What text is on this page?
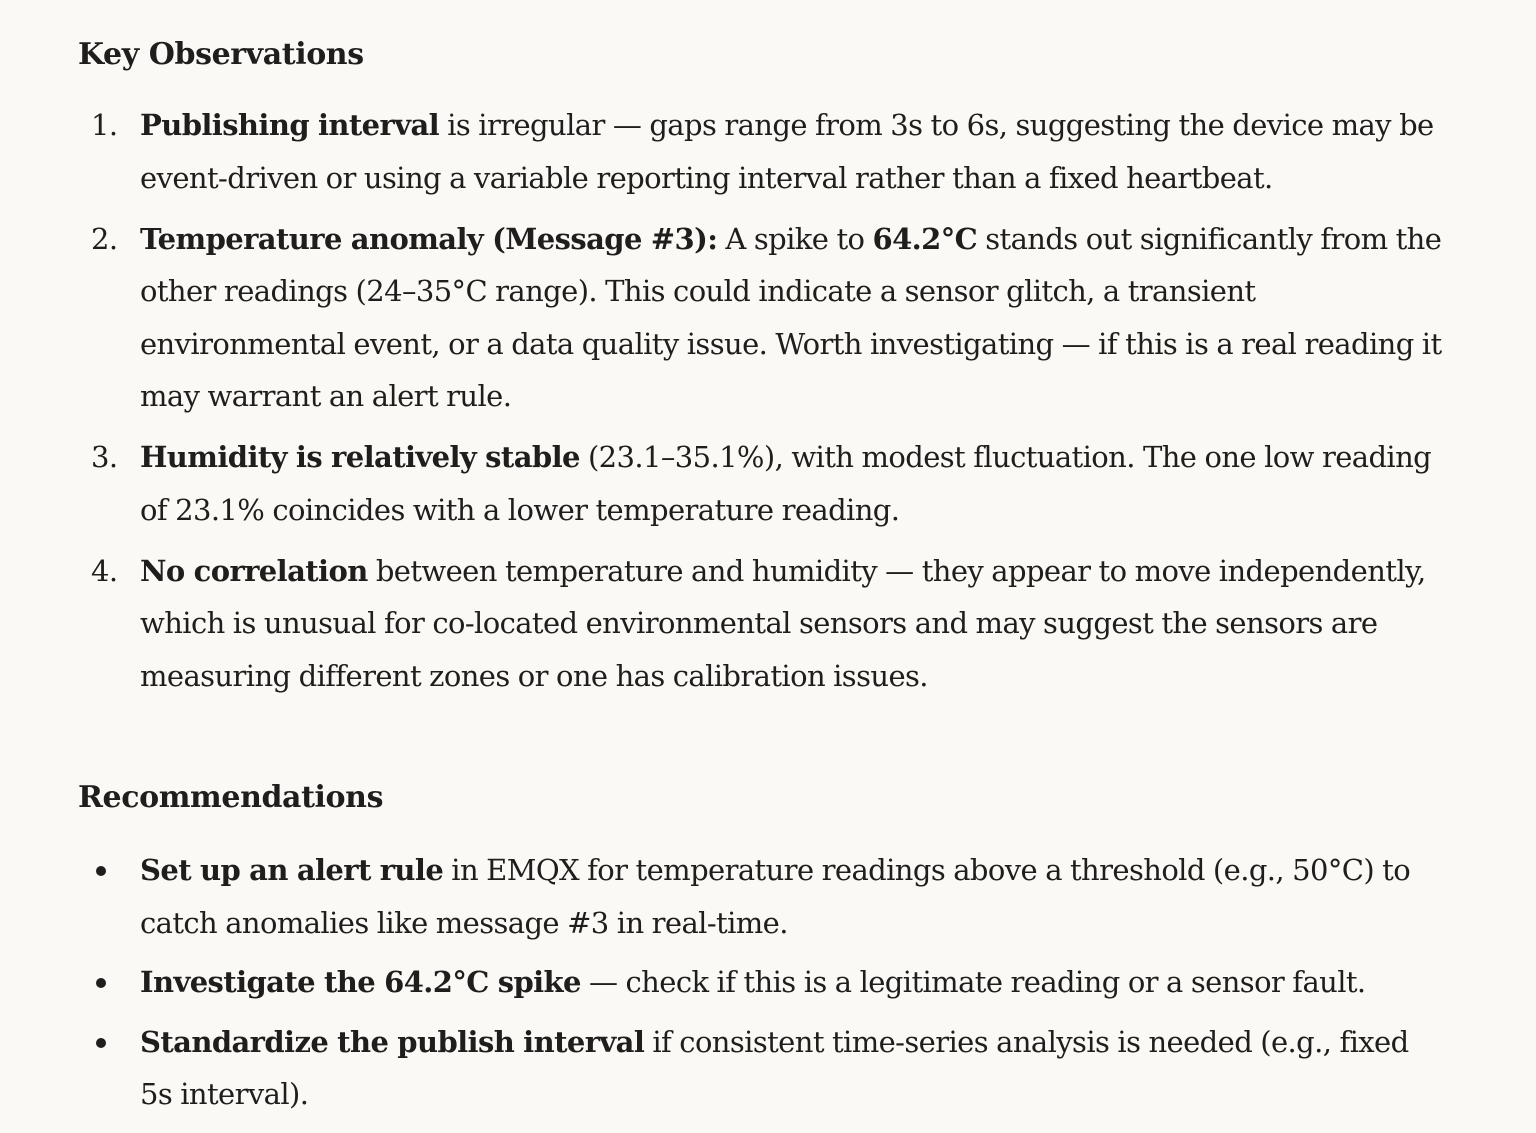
Key Observations
1. Publishing interval is irregular — gaps range from 3s to 6s, suggesting the device may be event-driven or using a variable reporting interval rather than a fixed heartbeat.
2. Temperature anomaly (Message #3): A spike to 64.2°C stands out significantly from the other readings (24–35°C range). This could indicate a sensor glitch, a transient environmental event, or a data quality issue. Worth investigating — if this is a real reading it may warrant an alert rule.
3. Humidity is relatively stable (23.1–35.1%), with modest fluctuation. The one low reading of 23.1% coincides with a lower temperature reading.
4. No correlation between temperature and humidity — they appear to move independently, which is unusual for co-located environmental sensors and may suggest the sensors are measuring different zones or one has calibration issues.
Recommendations
Set up an alert rule in EMQX for temperature readings above a threshold (e.g., 50°C) to catch anomalies like message #3 in real-time.
Investigate the 64.2°C spike — check if this is a legitimate reading or a sensor fault.
Standardize the publish interval if consistent time-series analysis is needed (e.g., fixed 5s interval).
